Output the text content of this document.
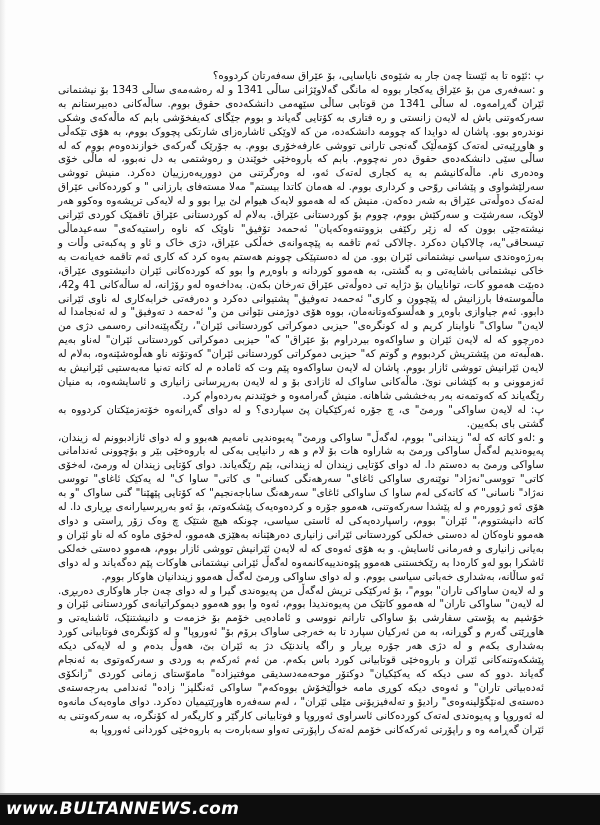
پ :ئێوە تا بە ئێستا چەن جار بە شێوەی نایاسایی، بۆ عێراق سەفەرتان کردووە؟

و :سەفەری من بۆ عێراق یەکجار بووە لە مانگی گەلاوێژانی ساڵی 1341 و لە رەشەمەی ساڵی 1343 بۆ نیشتمانی ئێران گەڕامەوە. لە ساڵی 1341 من قوتابی ساڵی سێهەمی دانشکەدەی حقوق بووم. ساڵەکانی دەبیرستانم بە سەرکەوتنی باش لە لایەن زانستی و رە فتاری بە کۆتایی گەیاند و بووم جێگای کەیفخۆشی بابم کە ماڵەکەی وشکی نوندرەو بوو. پاشان لە دوایدا کە چوومە دانشکەدە، من کە لاوێکی ئاشارەزای شارتکی پچووک بووم، بە هۆی تێکەڵی و هاوڕێیەتی لەتەک کۆمەڵێک گەنجی تارانی تووشی عارفەخۆری بووم. بە جۆرێک گەرکەی خوازندەوەم بووم کە لە ساڵی سێی دانشکەدەی حقوق دەر نەچووم. بابم کە باروەخێی خوێندن و رەوشتمی بە دل نەبوو، لە ماڵی خۆی وەدەری نام. ماڵەکانیشم بە یە کجاری لەتەک ئەو، لە وەرگرتنی من دووریەەرزییان دەکرد. منیش تووشی سەرلێشواوی و پێشانی روّحی و کرداری بووم. لە هەمان کاتدا بیستم" مەلا مستەفای بارزانی " و کوردەکانی عێراق لەتەک دەوڵەتی عێراق بە شەر دەکەن. منیش کە لە هەموو لایەک هیوام لێ بڕا بوو و لە لایەکی تریشەوە وەکوو هەر لاوێک، سەرشێت و سەرکێش بووم، چووم بۆ کوردستانی عێراق. بەلام لە کوردستانی عێراق تاقمێک کوردی ئێرانی نیشتەجێی بوون کە لە زێر رکێفی بزووتنەوەکەیان" ئەحمەد تۆفیق" ناوێک کە ناوە راستیەکەی" سەعیدماڵی تیسحاقی"یە، چالاکیان دەکرد .چالاکی ئەم تاقمە بە پێچەوانەی خەڵکی عێراق، دژی خاک و ئاو و پەکبەتی وڵات و بەرژەوەندی سیاسی نیشتمانی ئێران بوو. من لە دەستپێکی چوونم هەستم بەوە کرد کە کاری ئەم تاقمە خەیانەت بە خاکی نیشتمانی باشایەتی و بە گشتی، بە هەموو کوردانە و باوەڕم وا بوو کە کوردەکانی ئێران دانیشتووی عێراق، دەبێت هەموو کات، تواناییان بۆ دژایه تی دەوڵەتی عێراق تەرخان بکەن. بەداخەوە لەو رۆژانە، لە ساڵەکانی 41 و42، ماڵموستەفا بارزانیش لە پێچوون و کاری" ئەحمەد تەوفیق" پشتیوانی دەکرد و دەرفەتی خرابەکاری لە ناوی ئێرانی دابوو. ئەم جیاوازی باوەڕ و هەڵسوکەوتانەمان، بووە هۆی دوژمنی نێوانی من و" ئەحمە د تەوفیق" و لە ئەنجامدا لە لایەن" ساواک" ناوابنار کریم و لە کونگرەی" حیزبی دموکراتی کوردستانی ئێران"، رێگەپێنەدانی رەسمی دژی من دەرچوو کە لە لایەن ئێران و ساواکەوە بیردراوم بۆ عێراق" کە" حیزبی دموکراتی کوردستانی ئێران" لەناو بەیم .هەڵبەتە من پێشتریش کردبووم و گوتم کە" حیزبی دموکراتی کوردستانی ئێران" کەوتۆتە ناو هەڵوەشێنەوە، بەلام لە لایەن ئێرانیش تووشی ئازار بووم. پاشان لە لایەن ساواکەوە پێم وت کە ئاماده م لە کاتە تەنیا مەبەستیی ئێرانیش بە ئەزموونی و بە کێشانی نوێ. ماڵەکانی ساواک لە ئازادی بۆ و لە لایەن بەرپرسانی زانیاری و ئاسایشەوە، بە منیان رێگەیاند کە کەوتمەنە بەر بەخششی شاهانە. منیش گەرامەوە و خوێندنم بەردەوام کرد.

پ: لە لایەن ساواکی" ورمێ" ی، چ جۆرە ئەرکێکیان پێ سپاردی؟ و لە دوای گەڕانەوە خۆتەزمێکتان کردووە بە گشتی بای بکەیین.

و :لەو کاتە کە لە" زیندانی" بووم، لەگەڵ" ساواکی ورمێ" پەیوەندیی نامەیم هەبوو و لە دوای ئازادبوونم لە زیندان، پەیوەندیم لەگەڵ ساواکی ورمێ بە شاراوە هات بۆ لام و هە ر دانیایی بەکی لە باروەخێی بێر و بۆچوونی ئەندامانی ساواکی ورمێ بە دەستم دا. لە دوای کۆتایی زیندان لە زیندانی، بێم رێگەیاند. دوای کۆتایی زیندان لە ورمێ، لەخۆی کاتی" تووسی"نەژاد" نوێنەری ساواکی ئاغای" سەرهەنگی کسانی" ی کاتی" ساوا ک" لە یەکێک ئاغای" تووسی نەژاد" ناسانی" کە کاتەکی لەم ساوا ک ساواکی ئاغای" سەرهەنگ ساباجەنجیم" کە کۆتایی پێهێنا" گنی ساواک "و بە هۆی ئەو ژوورەم و لە پێشدا سەرکەوتنی، هەموو جۆرە و کردەوەیەک پێشکەوتم، بۆ ئەو بەرپرسیارانەی بڕیاری دا. لە کاتە دانیشتووم،" ئێران" بووم، راسپاردەیەکی لە ئاستی سیاسی، چونکە هیچ شتێک چ وەک زۆر ڕاستی و دوای هەموو ناوەکان لە دەستی خەلکی کوردستانی ئێرانی زانیاری دەرهێنانە بەهێزی هەموو، لەخۆی ماوە کە لە ناو ئێران و بەیانی زانیاری و فەرمانی ئاسایش. و بە هۆی ئەوەی کە لە لایەن ئێرانیش تووشی ئازار بووم، هەموو دەستی خەلکی ئاشکرا بوو لەو کارەدا بە رێکخستنی هەموو پێوەندییەکانمەوە لەگەڵ ئێرانی نیشتمانی هاوکات پێم دەگەیاند و لە دوای ئەو ساڵانە، بەشداری خەباتی سیاسی بووم. و لە دوای ساواکی ورمێ لەگەڵ هەموو زیندانیان هاوکار بووم.

و لە لایەن ساواکی تاران" بووم"، بۆ ئەرکێکی تریش لەگەڵ من پەیوەندی گیرا و لە دوای چەن جار هاوکاری دەربڕی. لە لایەن" ساواکی تاران" لە هەموو کاتێک من پەیوەندیدا بووم، ئەوە وا بوو هەموو دیموکراتیانەی کوردستانی ئێران و خۆشیم بە پۆستی سفارشی بۆ ساواکی تارانم نووسی و ئامادەیی خۆمم بۆ خزمەت و دانیشتنێک، ئاشنایەتی و هاوڕێتی گەرم و گوڕانە، بە من ئەرکیان سپارد تا بە خەرجی ساواک برۆم بۆ" ئەوروپا" و لە کۆنگرەی فوتابیانی کورد بەشداری بکەم و لە دژی هەر جۆرە بڕیار و راگە یاندنێک دژ بە ئێران بێ، هەوڵ بدەم و لە لایەکی دیکە پێشکەوتنەکانی ئێران و باروەخێی قوتابیانی کورد باس بکەم. من ئەم ئەرکەم بە وردی و سەرکەوتوی بە ئەنجام گەیاند .دوو کە سی دیکە کە یەکێکیان" دوکتۆر موحەمەدسدیقی موفتیزادە" ماموّستای زمانی کوردی "زانکۆی ئەدەبیاتی تاران" و ئەوەی دیکە کوڕی مامە خواڵێخۆش بووەکەم" ساواکی ئەنگلیز" زادە" ئەندامی بەرجەستەی دەستەی لەنێگۆلینەوەی" رادیۆ و تەلەفیزیۆنی مێلی ئێران" ، لەم سەفەرە هاورێتیمیان دەکرد. دوای ماوەیەک مانەوە لە ئەوروپا و پەیوەندی لەتەک کوردەکانی ئاسراوی ئەوروپا و فوتابیانی کارگێر و کاریگەر لە کۆنگرە، بە سەرکەوتنی بە ئێران گەڕامە وە و راپۆرتی ئەرکەکانی خۆمم لەتەک راپۆرتی تەواو سەبارەت بە باروەخێی کوردانی ئەوروپا بە

www.BULTANNEWS.com
